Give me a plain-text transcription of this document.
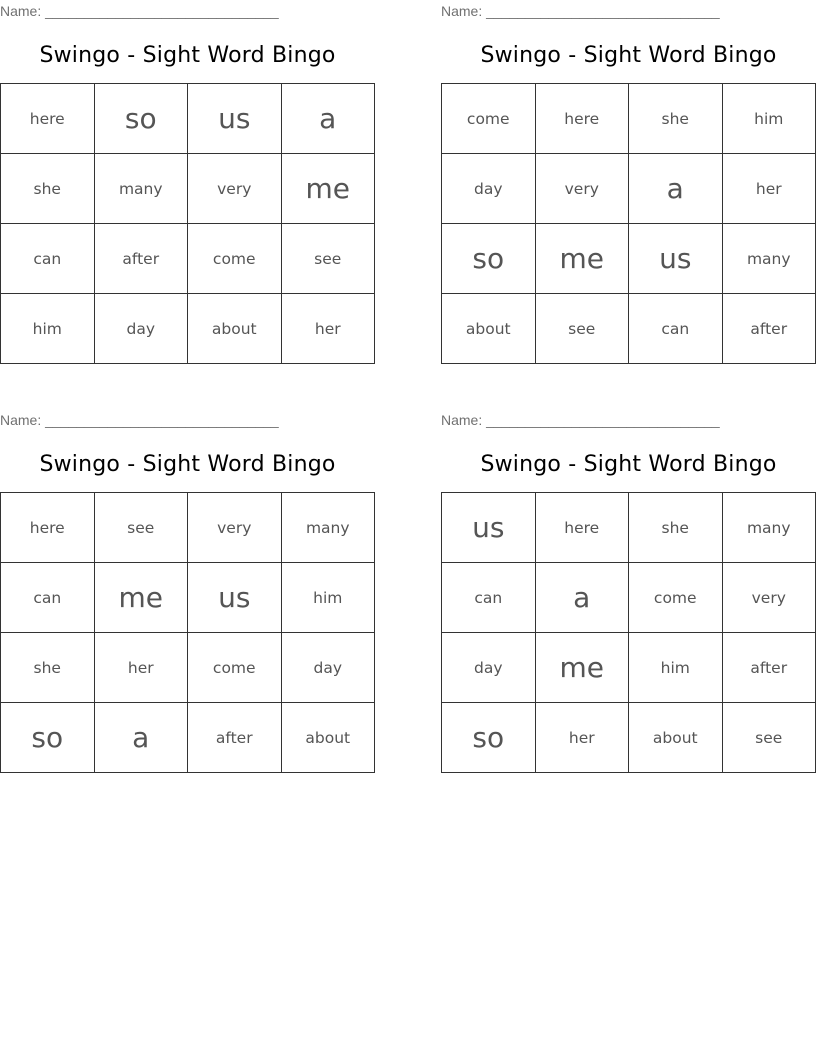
Name: ______________________________
Swingo - Sight Word Bingo
here	so	us	a
she	many	very	me
can	after	come	see
him	day	about	her
Name: ______________________________
Swingo - Sight Word Bingo
come	here	she	him
day	very	a	her
so	me	us	many
about	see	can	after
Name: ______________________________
Swingo - Sight Word Bingo
here	see	very	many
can	me	us	him
she	her	come	day
so	a	after	about
Name: ______________________________
Swingo - Sight Word Bingo
us	here	she	many
can	a	come	very
day	me	him	after
so	her	about	see
